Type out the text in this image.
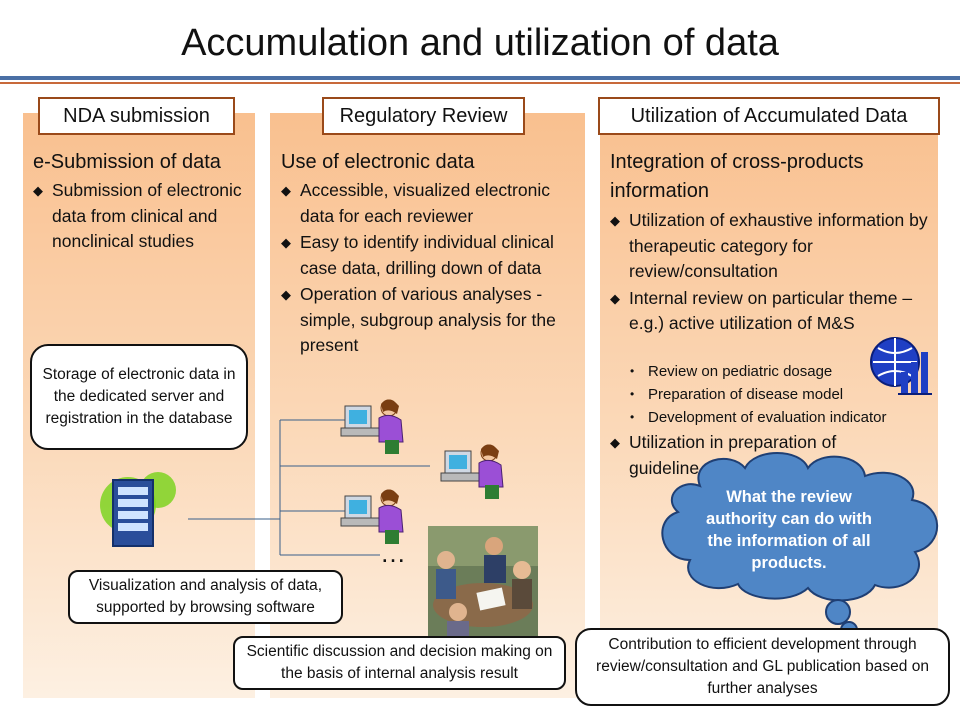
Accumulation and utilization of data
NDA submission	Regulatory Review	Utilization of Accumulated Data
e-Submission of data
◆ Submission of electronic data from clinical and nonclinical studies
Use of electronic data
◆ Accessible, visualized electronic data for each reviewer
◆ Easy to identify individual clinical case data, drilling down of data
◆ Operation of various analyses - simple, subgroup analysis for the present
Integration of cross-products information
◆ Utilization of exhaustive information by therapeutic category for review/consultation
◆ Internal review on particular theme – e.g.) active utilization of M&S
• Review on pediatric dosage
• Preparation of disease model
• Development of evaluation indicator
◆ Utilization in preparation of guideline
…
What the review authority can do with the information of all products.
Storage of electronic data in the dedicated server and registration in the database
Visualization and analysis of data, supported by browsing software
Scientific discussion and decision making on the basis of internal analysis result
Contribution to efficient development through review/consultation and GL publication based on further analyses
